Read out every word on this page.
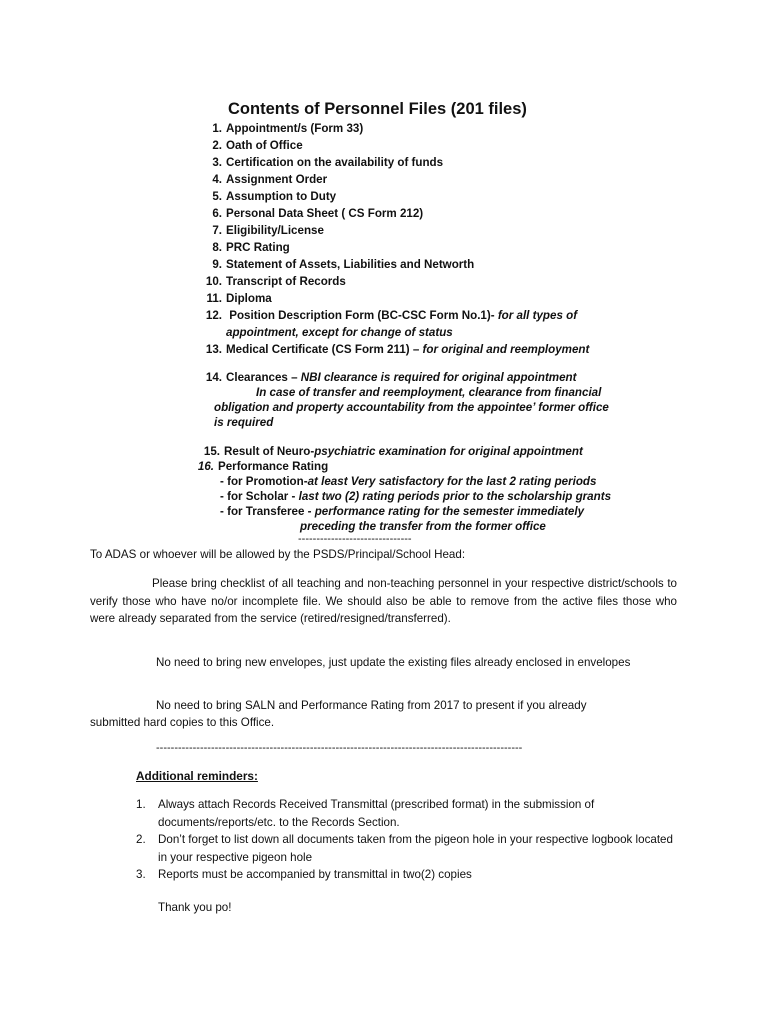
Contents of Personnel Files (201 files)
1. Appointment/s (Form 33)
2. Oath of Office
3. Certification on the availability of funds
4. Assignment Order
5. Assumption to Duty
6. Personal Data Sheet ( CS Form 212)
7. Eligibility/License
8. PRC Rating
9. Statement of Assets, Liabilities and Networth
10. Transcript of Records
11. Diploma
12. Position Description Form (BC-CSC Form No.1)- for all types of
appointment, except for change of status
13. Medical Certificate (CS Form 211) – for original and reemployment
14. Clearances – NBI clearance is required for original appointment
In case of transfer and reemployment, clearance from financial
obligation and property accountability from the appointee’ former office
is required
15. Result of Neuro-psychiatric examination for original appointment
16. Performance Rating
- for Promotion-at least Very satisfactory for the last 2 rating periods
- for Scholar - last two (2) rating periods prior to the scholarship grants
- for Transferee - performance rating for the semester immediately
preceding the transfer from the former office
-------------------------------
To ADAS or whoever will be allowed by the PSDS/Principal/School Head:
Please bring checklist of all teaching and non-teaching personnel in your respective district/schools to verify those who have no/or incomplete file. We should also be able to remove from the active files those who were already separated from the service (retired/resigned/transferred).
No need to bring new envelopes, just update the existing files already enclosed in envelopes
No need to bring SALN and Performance Rating from 2017 to present if you already
submitted hard copies to this Office.
----------------------------------------------------------------------------------------------------
Additional reminders:
1. Always attach Records Received Transmittal (prescribed format) in the submission of documents/reports/etc. to the Records Section.
2. Don’t forget to list down all documents taken from the pigeon hole in your respective logbook located in your respective pigeon hole
3. Reports must be accompanied by transmittal in two(2) copies
Thank you po!
